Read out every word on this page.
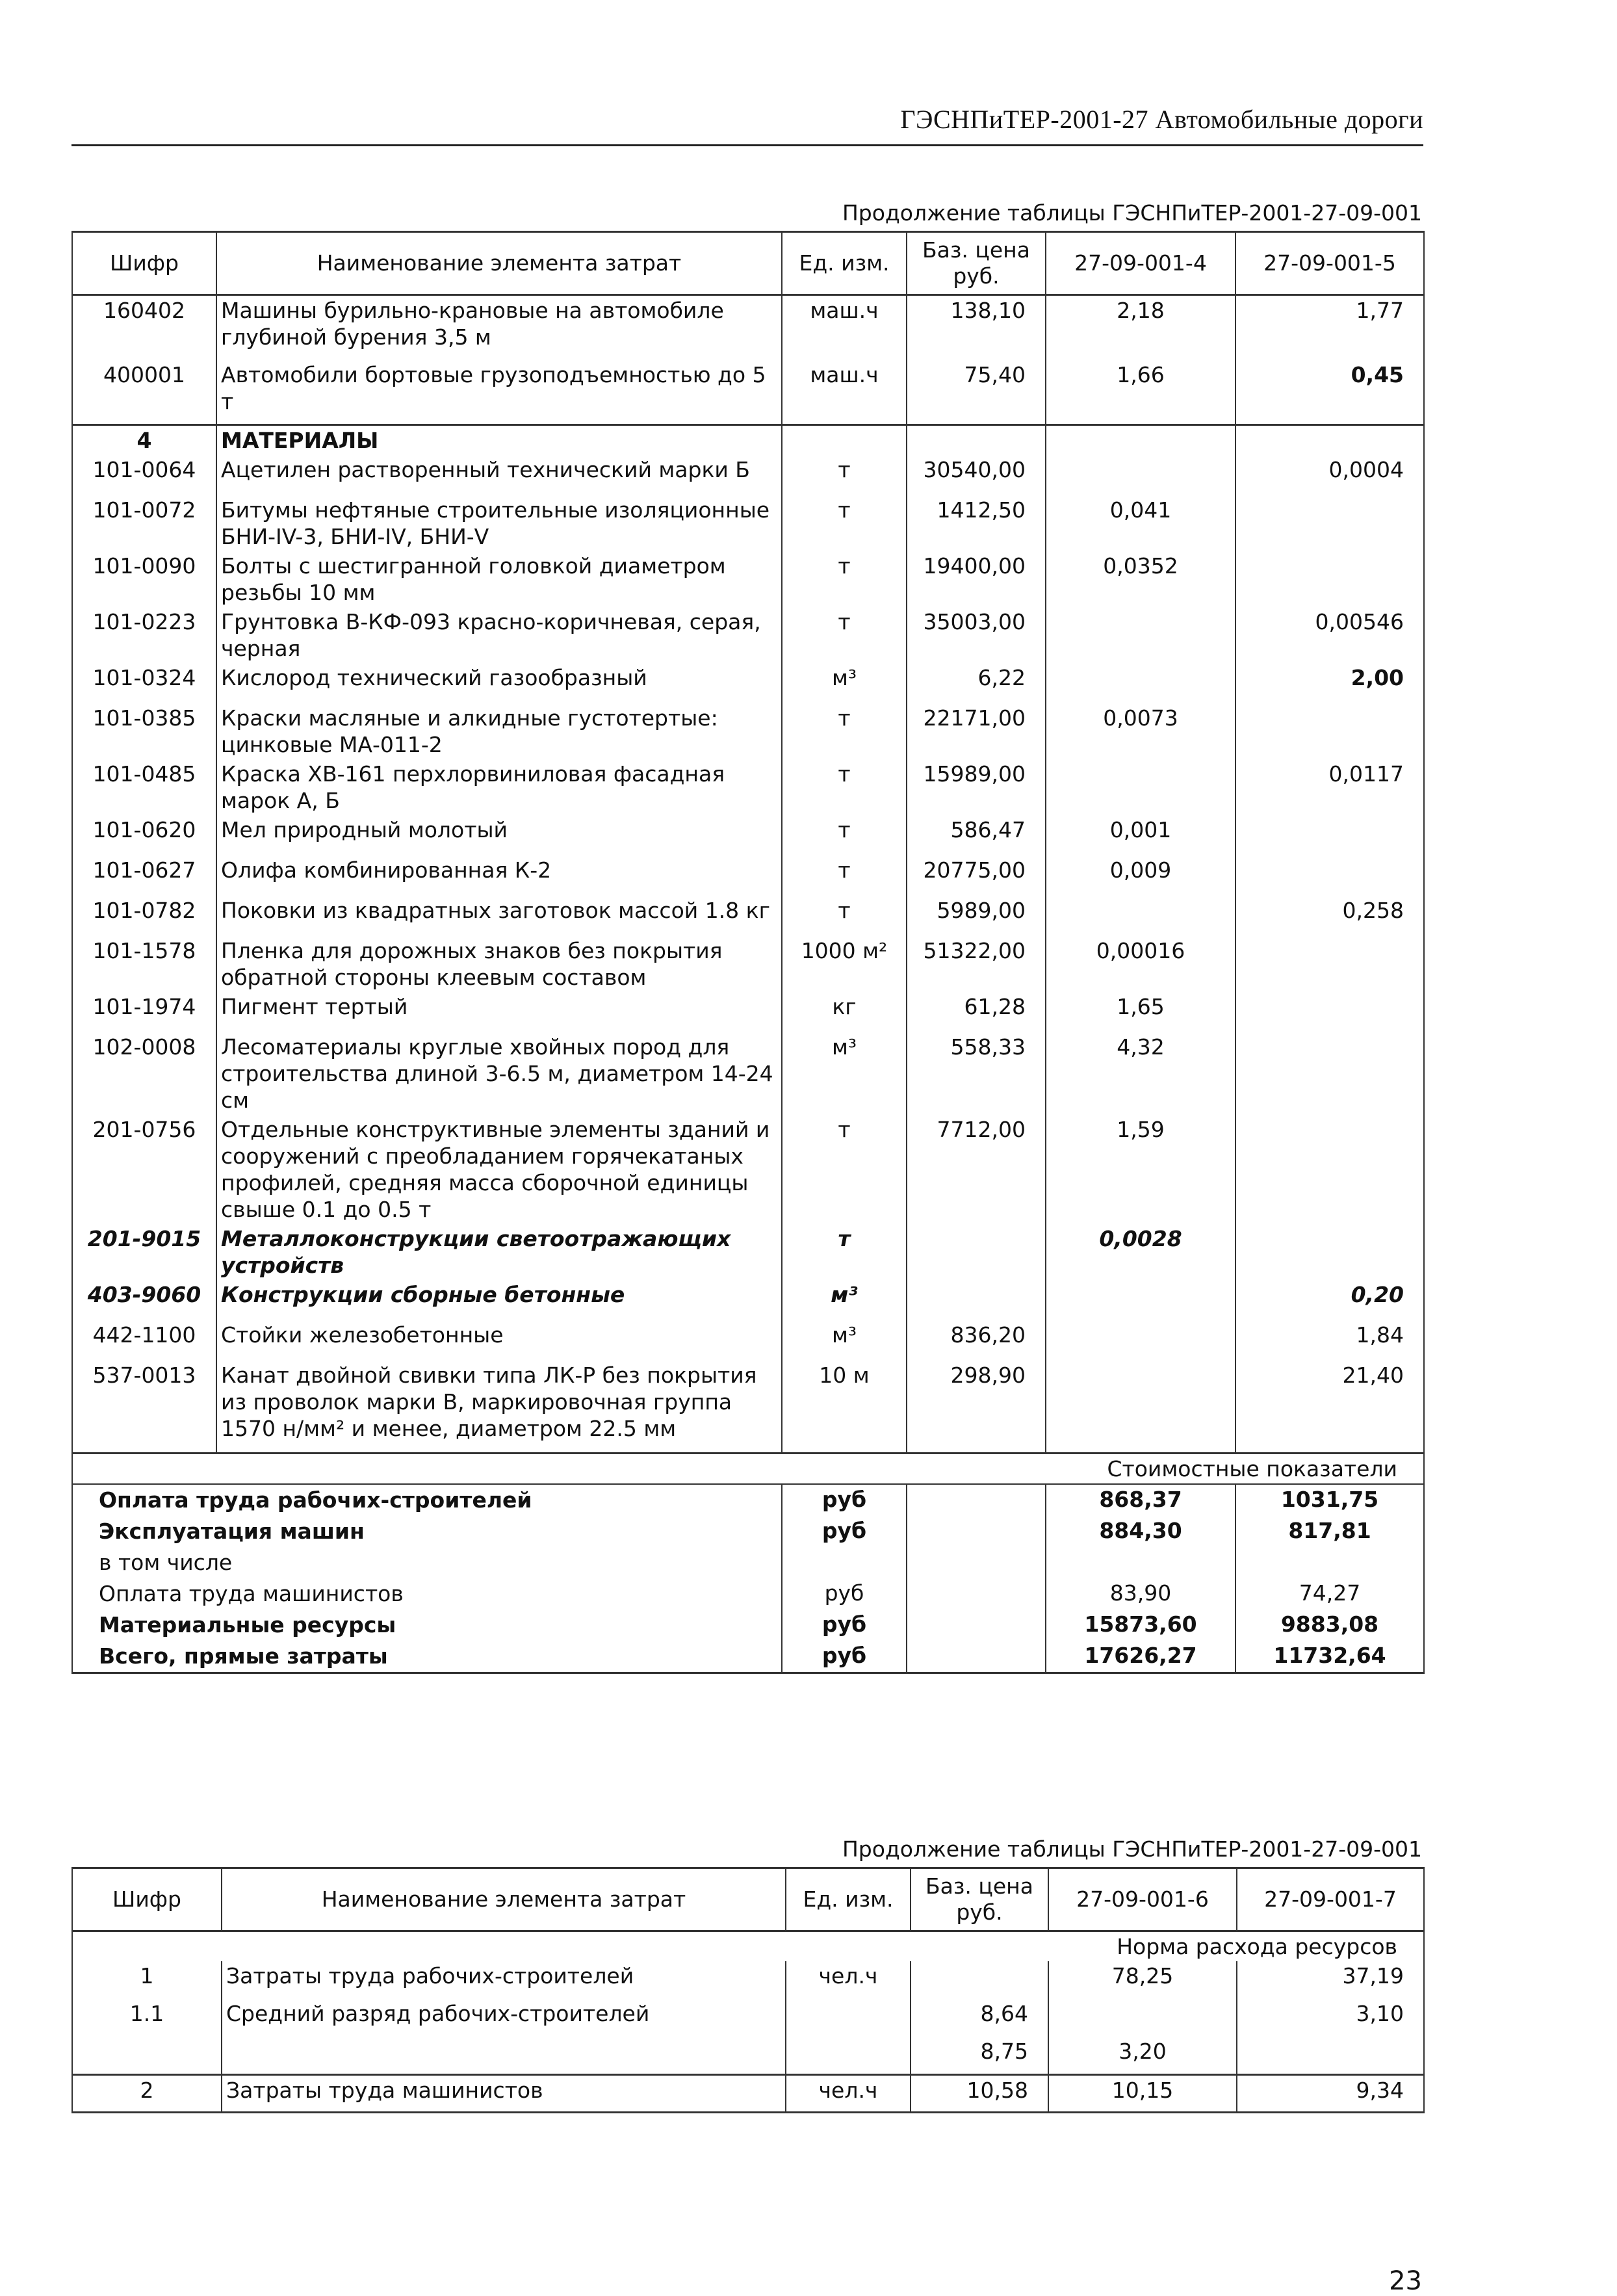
ГЭСНПиТЕР-2001-27 Автомобильные дороги
Продолжение таблицы ГЭСНПиТЕР-2001-27-09-001
Шифр	Наименование элемента затрат	Ед. изм.	Баз. цена руб.	27-09-001-4	27-09-001-5
160402	Машины бурильно-крановые на автомобиле глубиной бурения 3,5 м	маш.ч	138,10	2,18	1,77
400001	Автомобили бортовые грузоподъемностью до 5 т	маш.ч	75,40	1,66	0,45
4	МАТЕРИАЛЫ				
101-0064	Ацетилен растворенный технический марки Б	т	30540,00		0,0004
101-0072	Битумы нефтяные строительные изоляционные БНИ-IV-3, БНИ-IV, БНИ-V	т	1412,50	0,041	
101-0090	Болты с шестигранной головкой диаметром резьбы 10 мм	т	19400,00	0,0352	
101-0223	Грунтовка В-КФ-093 красно-коричневая, серая, черная	т	35003,00		0,00546
101-0324	Кислород технический газообразный	м³	6,22		2,00
101-0385	Краски масляные и алкидные густотертые: цинковые МА-011-2	т	22171,00	0,0073	
101-0485	Краска ХВ-161 перхлорвиниловая фасадная марок А, Б	т	15989,00		0,0117
101-0620	Мел природный молотый	т	586,47	0,001	
101-0627	Олифа комбинированная К-2	т	20775,00	0,009	
101-0782	Поковки из квадратных заготовок массой 1.8 кг	т	5989,00		0,258
101-1578	Пленка для дорожных знаков без покрытия обратной стороны клеевым составом	1000 м²	51322,00	0,00016	
101-1974	Пигмент тертый	кг	61,28	1,65	
102-0008	Лесоматериалы круглые хвойных пород для строительства длиной 3-6.5 м, диаметром 14-24 см	м³	558,33	4,32	
201-0756	Отдельные конструктивные элементы зданий и сооружений с преобладанием горячекатаных профилей, средняя масса сборочной единицы свыше 0.1 до 0.5 т	т	7712,00	1,59	
201-9015	Металлоконструкции светоотражающих устройств	т		0,0028	
403-9060	Конструкции сборные бетонные	м³			0,20
442-1100	Стойки железобетонные	м³	836,20		1,84
537-0013	Канат двойной свивки типа ЛК-Р без покрытия из проволок марки В, маркировочная группа 1570 н/мм² и менее, диаметром 22.5 мм	10 м	298,90		21,40

Стоимостные показатели					
Оплата труда рабочих-строителей		руб		868,37	1031,75
Эксплуатация машин		руб		884,30	817,81
в том числе					
Оплата труда машинистов		руб		83,90	74,27
Материальные ресурсы		руб		15873,60	9883,08
Всего, прямые затраты		руб		17626,27	11732,64
Продолжение таблицы ГЭСНПиТЕР-2001-27-09-001
Шифр	Наименование элемента затрат	Ед. изм.	Баз. цена руб.	27-09-001-6	27-09-001-7
Норма расхода ресурсов					
1	Затраты труда рабочих-строителей	чел.ч		78,25	37,19
1.1	Средний разряд рабочих-строителей		8,64		3,10
			8,75	3,20	
2	Затраты труда машинистов	чел.ч	10,58	10,15	9,34
23
